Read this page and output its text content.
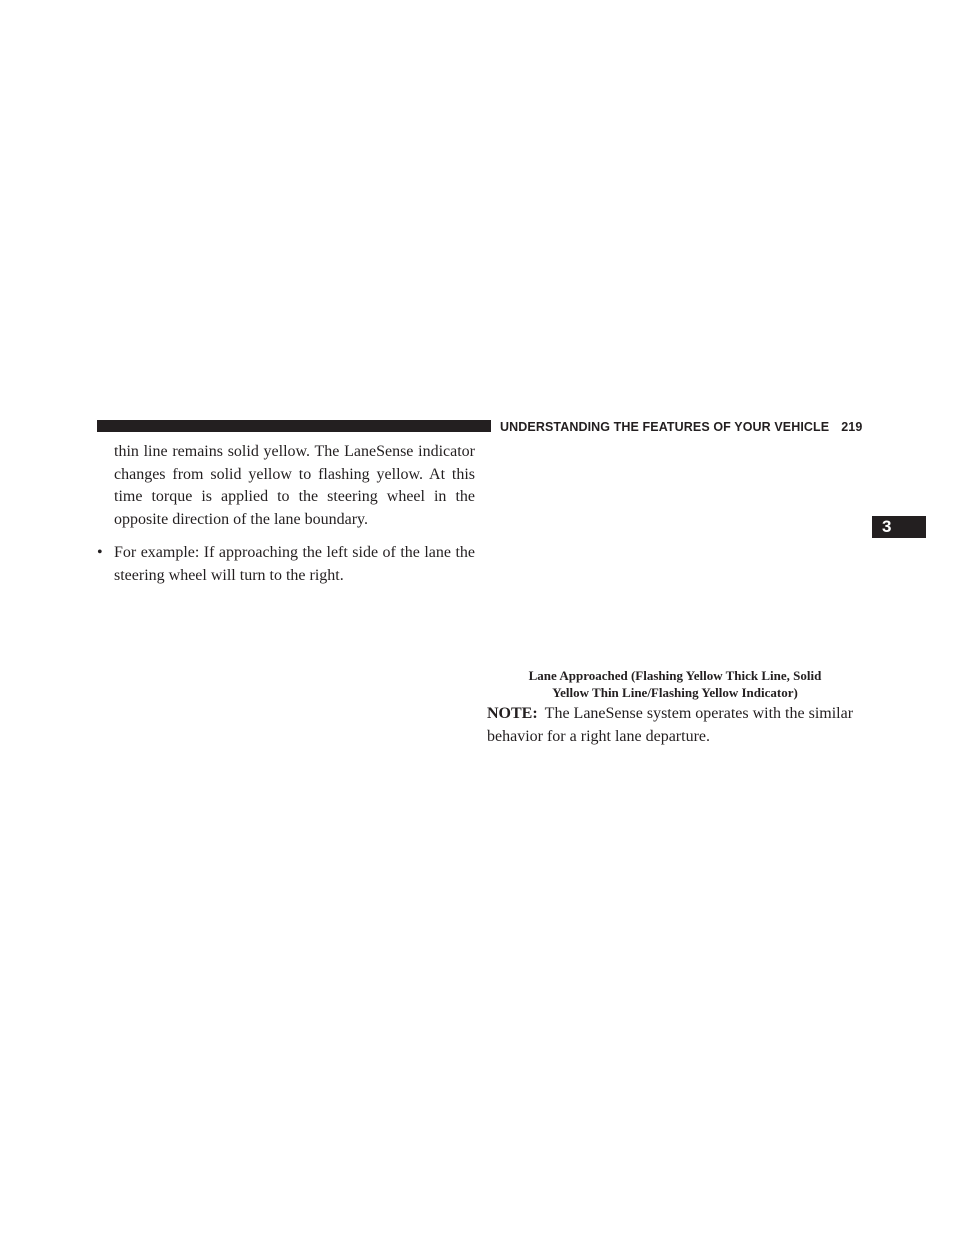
UNDERSTANDING THE FEATURES OF YOUR VEHICLE 219
3

thin line remains solid yellow. The LaneSense indicator changes from solid yellow to flashing yellow. At this time torque is applied to the steering wheel in the opposite direction of the lane boundary.

• For example: If approaching the left side of the lane the steering wheel will turn to the right.
Lane Approached (Flashing Yellow Thick Line, Solid
Yellow Thin Line/Flashing Yellow Indicator)
NOTE: The LaneSense system operates with the similar behavior for a right lane departure.
